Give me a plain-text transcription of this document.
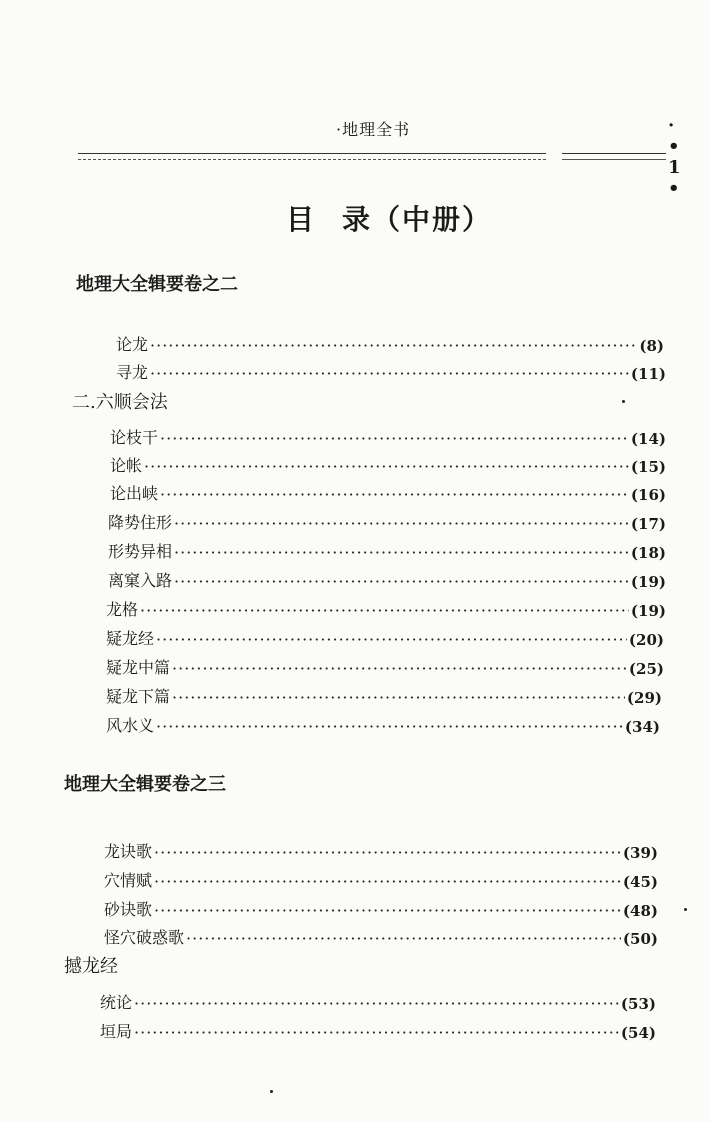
·地理全书	· • 1 •
目 录（中册）
地理大全辑要卷之二
论龙 ·····	(8)
寻龙 ·····	(11)
二.六顺会法
论枝干 ·····	(14)
论帐 ·····	(15)
论出峡 ·····	(16)
降势住形 ·····	(17)
形势异相 ·····	(18)
离窠入路 ·····	(19)
龙格 ·····	(19)
疑龙经 ·····	(20)
疑龙中篇 ·····	(25)
疑龙下篇 ·····	(29)
风水义 ·····	(34)
地理大全辑要卷之三
龙诀歌 ·····	(39)
穴情赋 ·····	(45)
砂诀歌 ·····	(48)
怪穴破惑歌 ·····	(50)
撼龙经
统论 ·····	(53)
垣局 ·····	(54)
